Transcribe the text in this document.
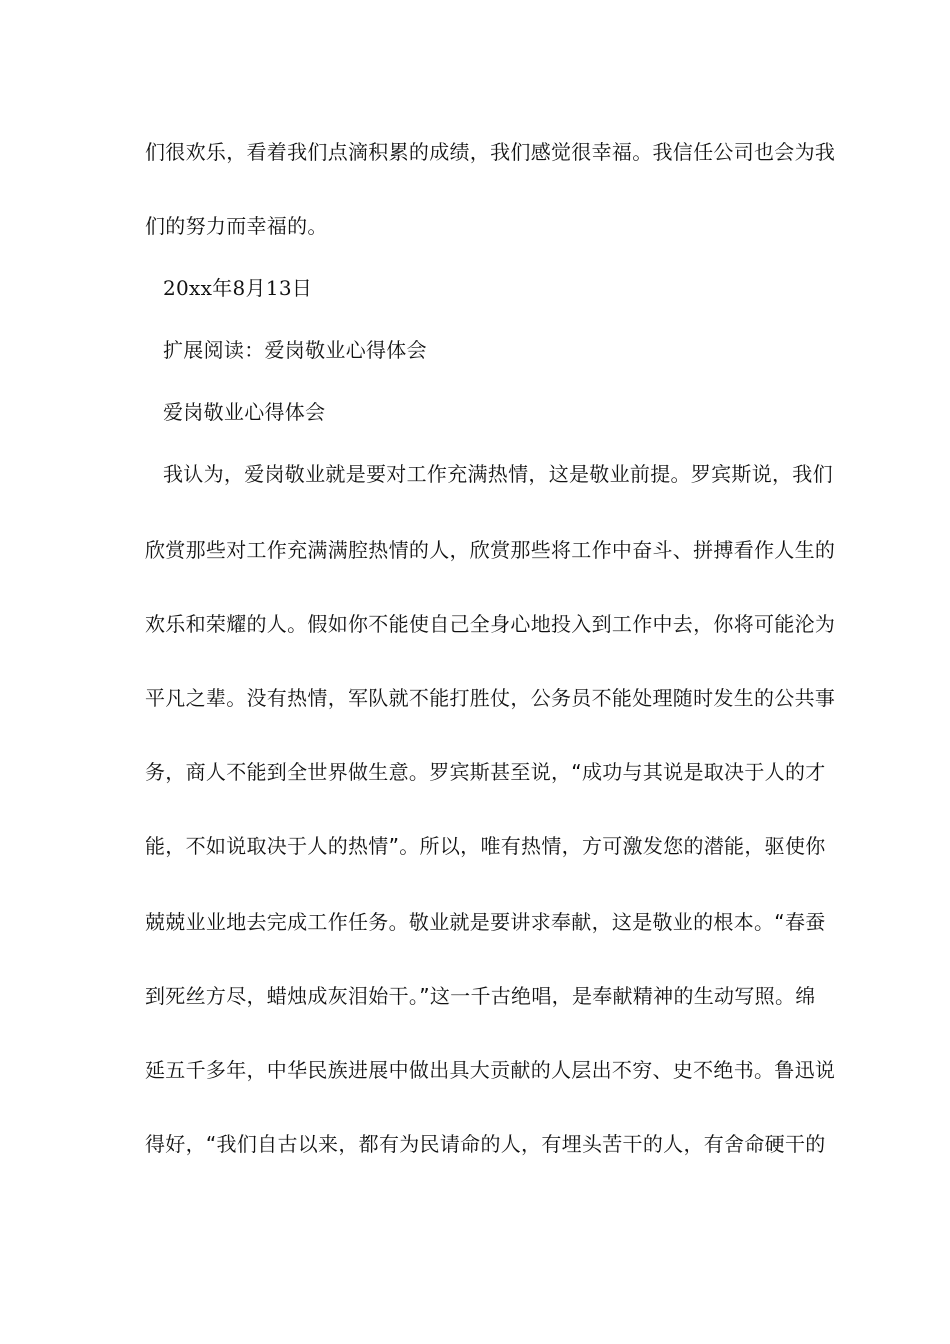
们很欢乐，看着我们点滴积累的成绩，我们感觉很幸福。我信任公司也会为我
们的努力而幸福的。
20xx年8月13日
扩展阅读：爱岗敬业心得体会
爱岗敬业心得体会
我认为，爱岗敬业就是要对工作充满热情，这是敬业前提。罗宾斯说，我们
欣赏那些对工作充满满腔热情的人，欣赏那些将工作中奋斗、拼搏看作人生的
欢乐和荣耀的人。假如你不能使自己全身心地投入到工作中去，你将可能沦为
平凡之辈。没有热情，军队就不能打胜仗，公务员不能处理随时发生的公共事
务，商人不能到全世界做生意。罗宾斯甚至说，“成功与其说是取决于人的才
能，不如说取决于人的热情”。所以，唯有热情，方可激发您的潜能，驱使你
兢兢业业地去完成工作任务。敬业就是要讲求奉献，这是敬业的根本。“春蚕
到死丝方尽，蜡烛成灰泪始干。”这一千古绝唱，是奉献精神的生动写照。绵
延五千多年，中华民族进展中做出具大贡献的人层出不穷、史不绝书。鲁迅说
得好，“我们自古以来，都有为民请命的人，有埋头苦干的人，有舍命硬干的
